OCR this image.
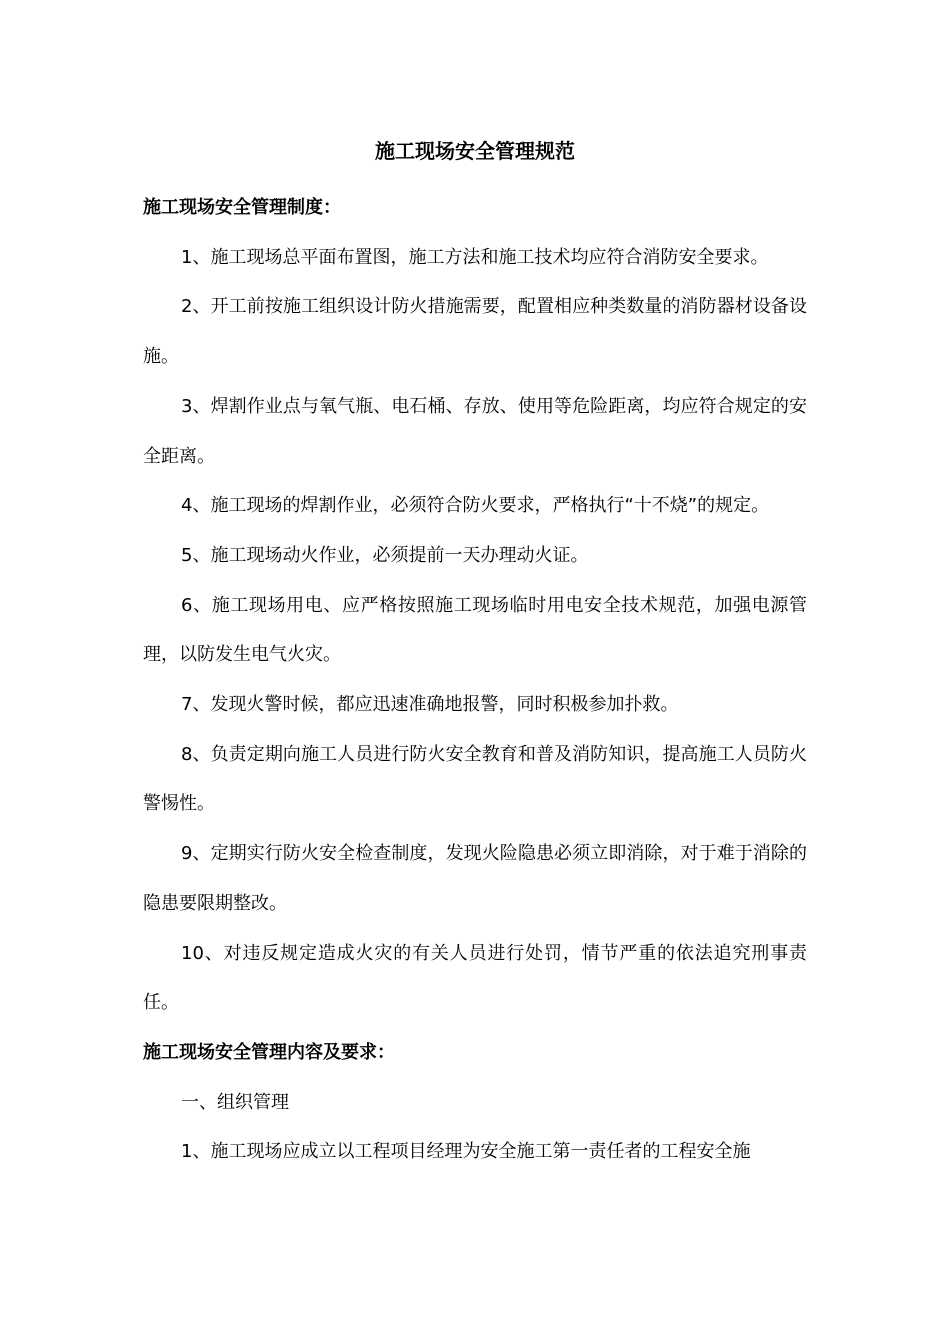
施工现场安全管理规范

施工现场安全管理制度：

1、施工现场总平面布置图，施工方法和施工技术均应符合消防安全要求。

2、开工前按施工组织设计防火措施需要，配置相应种类数量的消防器材设备设施。

3、焊割作业点与氧气瓶、电石桶、存放、使用等危险距离，均应符合规定的安全距离。

4、施工现场的焊割作业，必须符合防火要求，严格执行“十不烧”的规定。

5、施工现场动火作业，必须提前一天办理动火证。

6、施工现场用电、应严格按照施工现场临时用电安全技术规范，加强电源管理，以防发生电气火灾。

7、发现火警时候，都应迅速准确地报警，同时积极参加扑救。

8、负责定期向施工人员进行防火安全教育和普及消防知识，提高施工人员防火警惕性。

9、定期实行防火安全检查制度，发现火险隐患必须立即消除，对于难于消除的隐患要限期整改。

10、对违反规定造成火灾的有关人员进行处罚，情节严重的依法追究刑事责任。

施工现场安全管理内容及要求：

一、组织管理

1、施工现场应成立以工程项目经理为安全施工第一责任者的工程安全施
